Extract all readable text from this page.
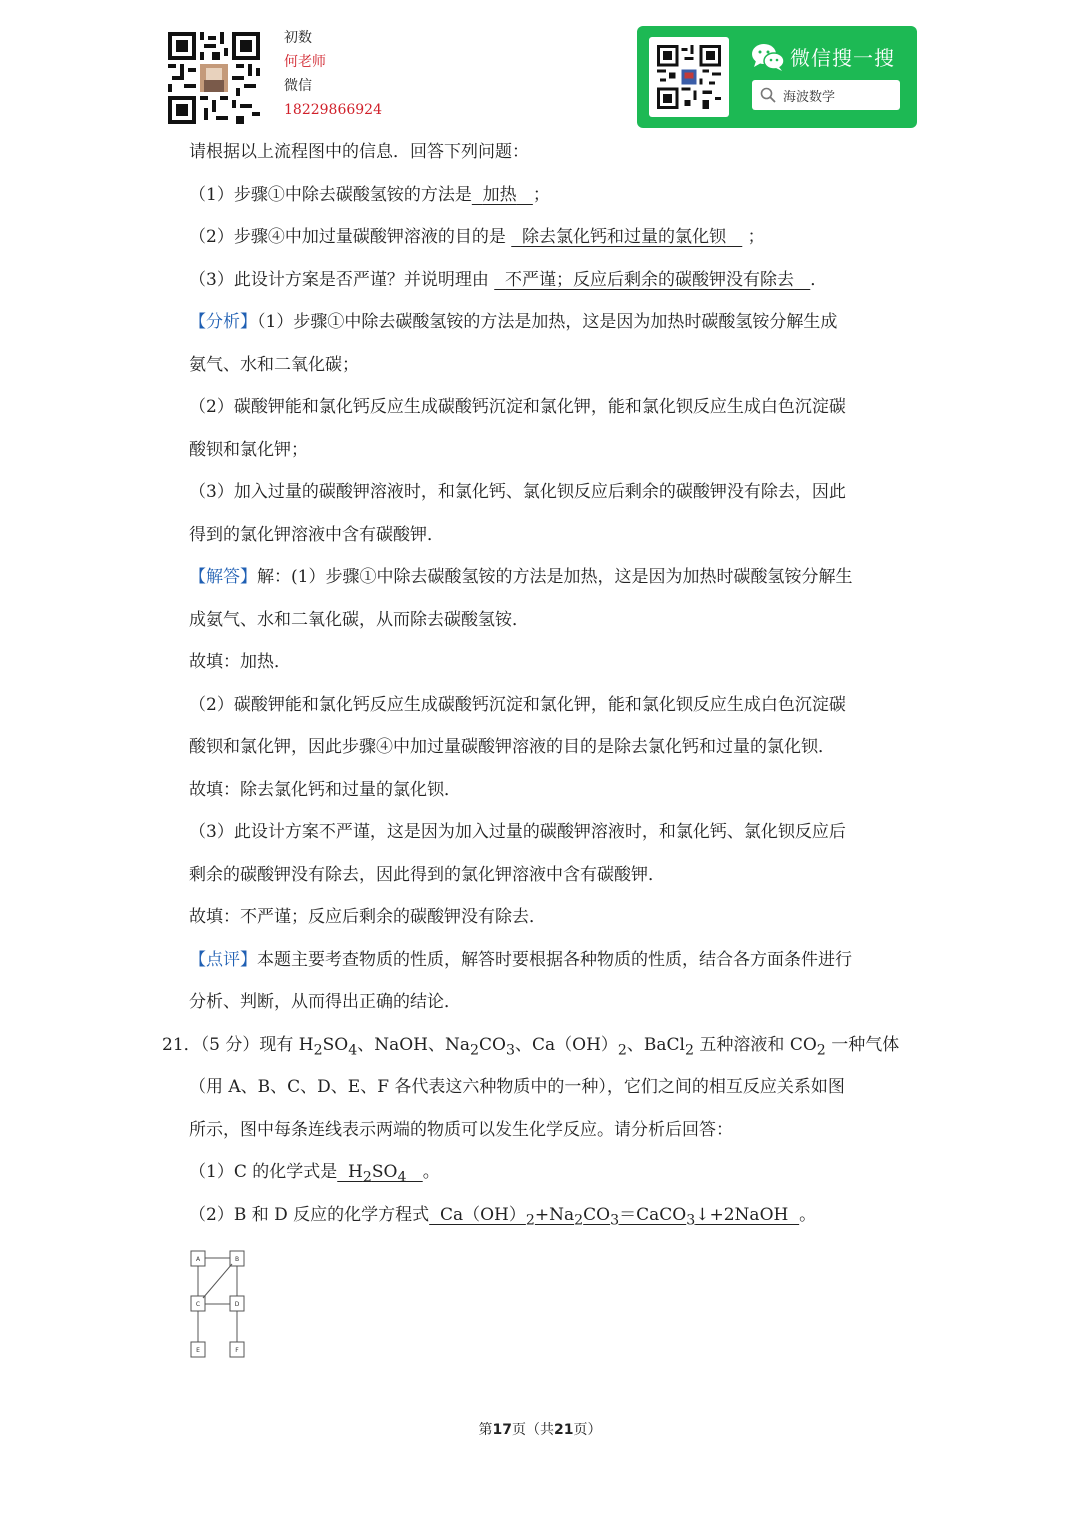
初数
何老师
微信
18229866924
微信搜一搜
海波数学
请根据以上流程图中的信息．回答下列问题：
（1）步骤①中除去碳酸氢铵的方法是 加热 ；
（2）步骤④中加过量碳酸钾溶液的目的是 除去氯化钙和过量的氯化钡 ；
（3）此设计方案是否严谨？并说明理由 不严谨；反应后剩余的碳酸钾没有除去 ．
【分析】（1）步骤①中除去碳酸氢铵的方法是加热，这是因为加热时碳酸氢铵分解生成
氨气、水和二氧化碳；
（2）碳酸钾能和氯化钙反应生成碳酸钙沉淀和氯化钾，能和氯化钡反应生成白色沉淀碳
酸钡和氯化钾；
（3）加入过量的碳酸钾溶液时，和氯化钙、氯化钡反应后剩余的碳酸钾没有除去，因此
得到的氯化钾溶液中含有碳酸钾．
【解答】解：(1）步骤①中除去碳酸氢铵的方法是加热，这是因为加热时碳酸氢铵分解生
成氨气、水和二氧化碳，从而除去碳酸氢铵．
故填：加热．
（2）碳酸钾能和氯化钙反应生成碳酸钙沉淀和氯化钾，能和氯化钡反应生成白色沉淀碳
酸钡和氯化钾，因此步骤④中加过量碳酸钾溶液的目的是除去氯化钙和过量的氯化钡．
故填：除去氯化钙和过量的氯化钡．
（3）此设计方案不严谨，这是因为加入过量的碳酸钾溶液时，和氯化钙、氯化钡反应后
剩余的碳酸钾没有除去，因此得到的氯化钾溶液中含有碳酸钾．
故填：不严谨；反应后剩余的碳酸钾没有除去．
【点评】本题主要考查物质的性质，解答时要根据各种物质的性质，结合各方面条件进行
分析、判断，从而得出正确的结论．
21．（5 分）现有 $H_2SO_4$、NaOH、$Na_2CO_3$、$Ca(OH)_2$、BaCl$_2$ 五种溶液和 $CO_2$ 一种气体
（用 A、B、C、D、E、F 各代表这六种物质中的一种），它们之间的相互反应关系如图
所示，图中每条连线表示两端的物质可以发生化学反应。请分析后回答：
（1）C 的化学式是  $H_2SO_4$ 。
（2）B 和 D 反应的化学方程式  $Ca(OH)_2+Na_2CO_3=CaCO_3↓+2NaOH$  。
A	B
C	D
E	F
第17页（共21页）
